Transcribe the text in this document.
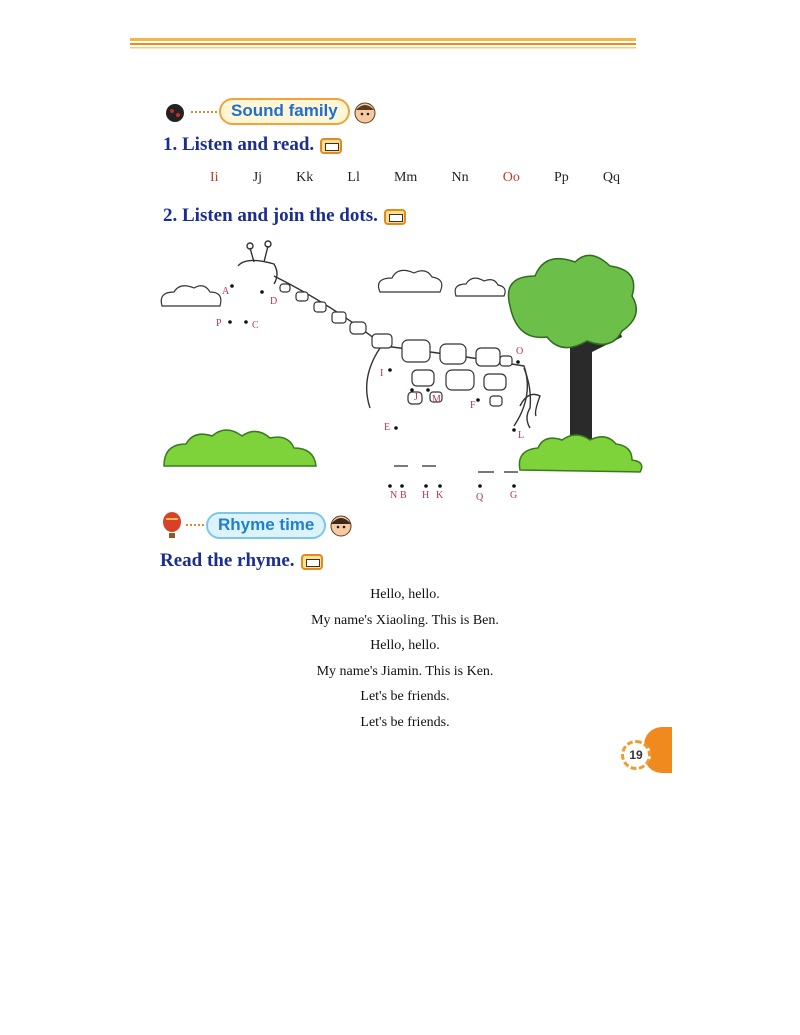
Sound family
1. Listen and read.
Ii Jj Kk Ll Mm Nn Oo Pp Qq
2. Listen and join the dots.
A
B
C
D
E
F
G
H
I
J
K
L
M
N
O
P
Q
Rhyme time
Read the rhyme.
Hello, hello.
My name's Xiaoling. This is Ben.
Hello, hello.
My name's Jiamin. This is Ken.
Let's be friends.
Let's be friends.
19
